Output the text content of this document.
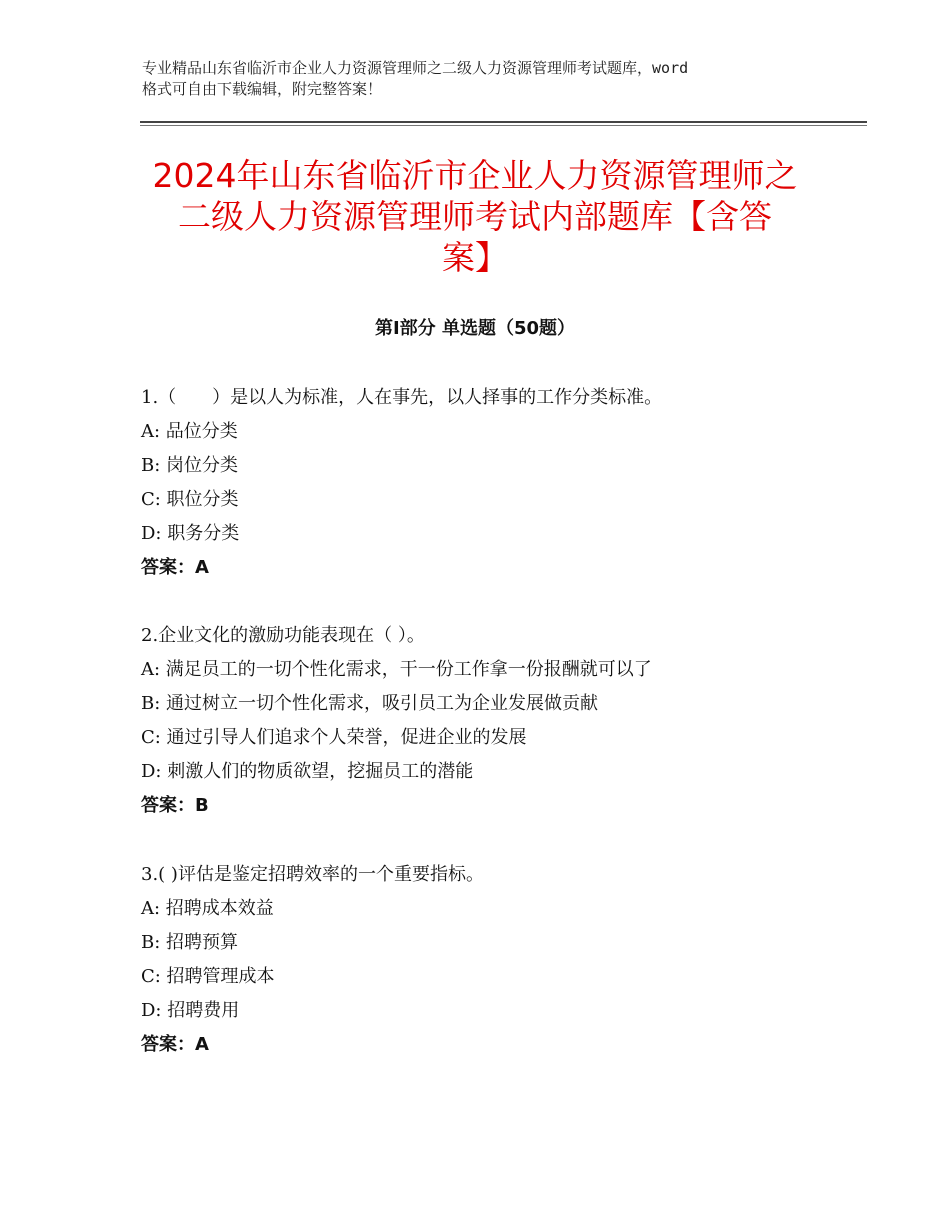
专业精品山东省临沂市企业人力资源管理师之二级人力资源管理师考试题库，word
格式可自由下载编辑，附完整答案！
2024年山东省临沂市企业人力资源管理师之
二级人力资源管理师考试内部题库【含答
案】
第Ⅰ部分 单选题（50题）
1.（　　）是以人为标准，人在事先，以人择事的工作分类标准。
A: 品位分类
B: 岗位分类
C: 职位分类
D: 职务分类
答案：A
2.企业文化的激励功能表现在（ ）。
A: 满足员工的一切个性化需求，干一份工作拿一份报酬就可以了
B: 通过树立一切个性化需求，吸引员工为企业发展做贡献
C: 通过引导人们追求个人荣誉，促进企业的发展
D: 刺激人们的物质欲望，挖掘员工的潜能
答案：B
3.( )评估是鉴定招聘效率的一个重要指标。
A: 招聘成本效益
B: 招聘预算
C: 招聘管理成本
D: 招聘费用
答案：A
